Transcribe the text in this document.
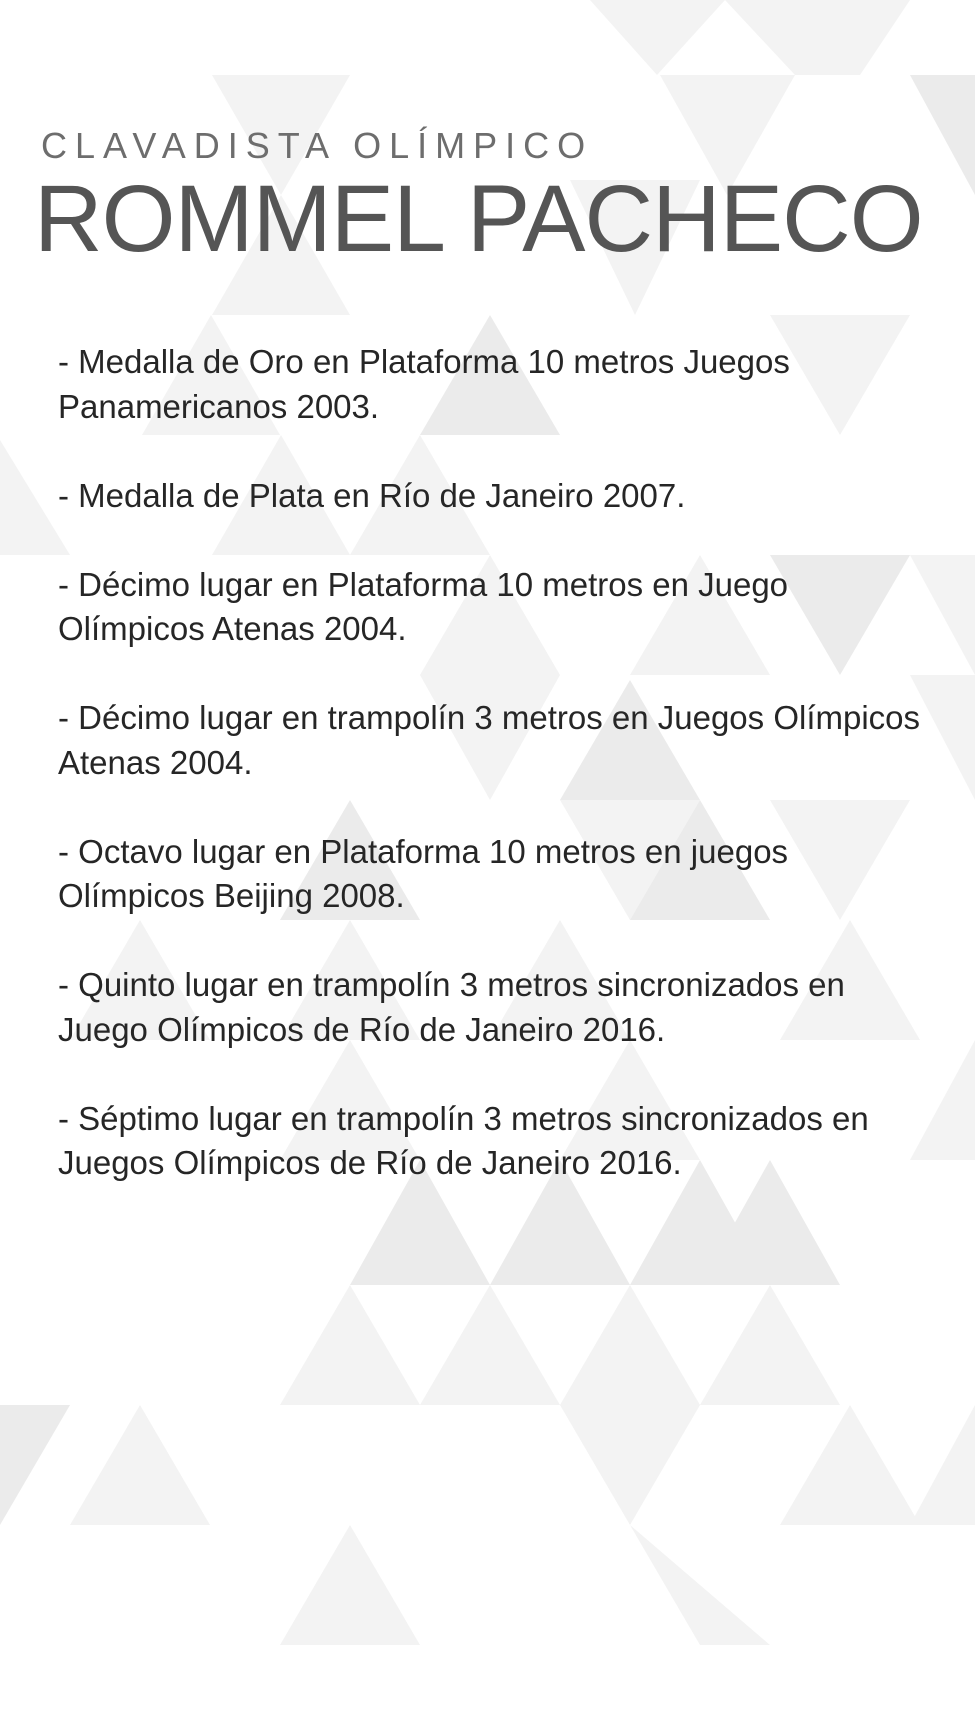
CLAVADISTA OLÍMPICO
ROMMEL PACHECO
- Medalla de Oro en Plataforma 10 metros Juegos Panamericanos 2003.
- Medalla de Plata en Río de Janeiro 2007.
- Décimo lugar en Plataforma 10 metros en Juego Olímpicos Atenas 2004.
- Décimo lugar en trampolín 3 metros en Juegos Olímpicos Atenas 2004.
- Octavo lugar en Plataforma 10 metros en juegos Olímpicos Beijing 2008.
- Quinto lugar en trampolín 3 metros sincronizados en Juego Olímpicos de Río de Janeiro 2016.
- Séptimo lugar en trampolín 3 metros sincronizados en Juegos Olímpicos de Río de Janeiro 2016.
